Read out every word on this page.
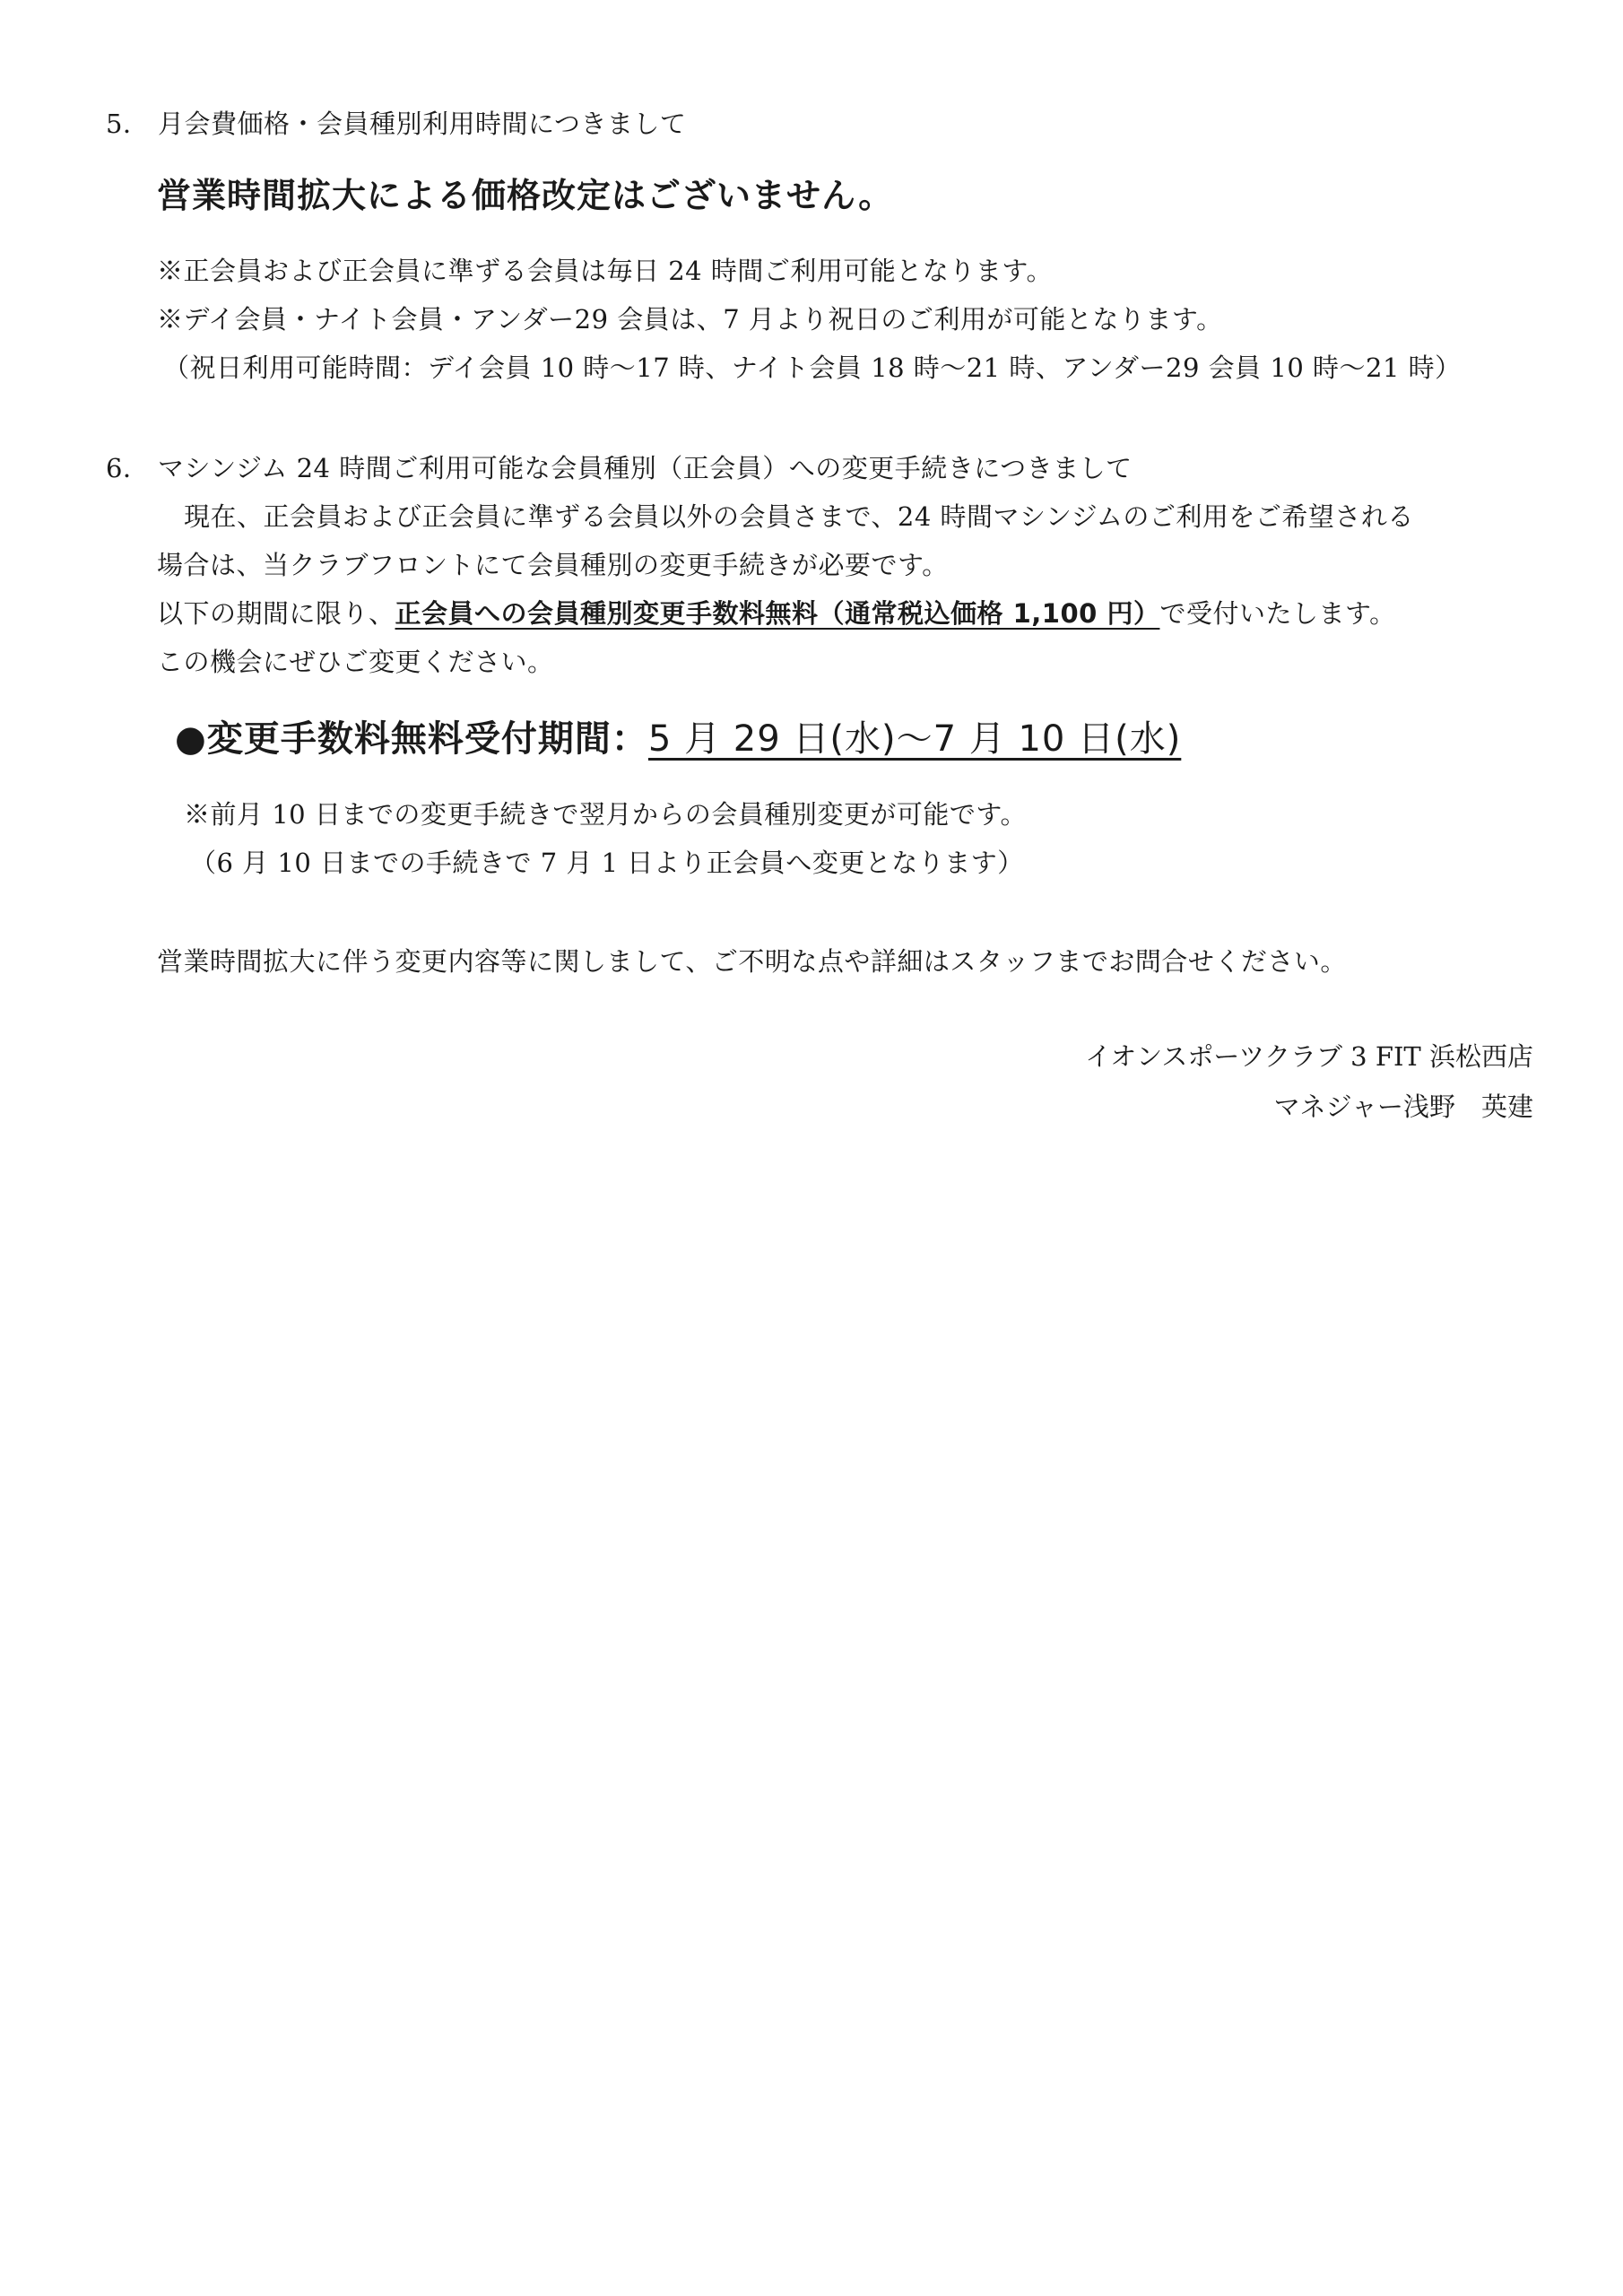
5． 月会費価格・会員種別利用時間につきまして
営業時間拡大による価格改定はございません。
※正会員および正会員に準ずる会員は毎日 24 時間ご利用可能となります。
※デイ会員・ナイト会員・アンダー29 会員は、7 月より祝日のご利用が可能となります。
（祝日利用可能時間：デイ会員 10 時〜17 時、ナイト会員 18 時〜21 時、アンダー29 会員 10 時〜21 時）
6． マシンジム 24 時間ご利用可能な会員種別（正会員）への変更手続きにつきまして
現在、正会員および正会員に準ずる会員以外の会員さまで、24 時間マシンジムのご利用をご希望される
場合は、当クラブフロントにて会員種別の変更手続きが必要です。
以下の期間に限り、正会員への会員種別変更手数料無料（通常税込価格 1,100 円）で受付いたします。
この機会にぜひご変更ください。
●変更手数料無料受付期間：5 月 29 日(水)〜7 月 10 日(水)
※前月 10 日までの変更手続きで翌月からの会員種別変更が可能です。
（6 月 10 日までの手続きで 7 月 1 日より正会員へ変更となります）
営業時間拡大に伴う変更内容等に関しまして、ご不明な点や詳細はスタッフまでお問合せください。
イオンスポーツクラブ 3 FIT 浜松西店
マネジャー浅野　英建
